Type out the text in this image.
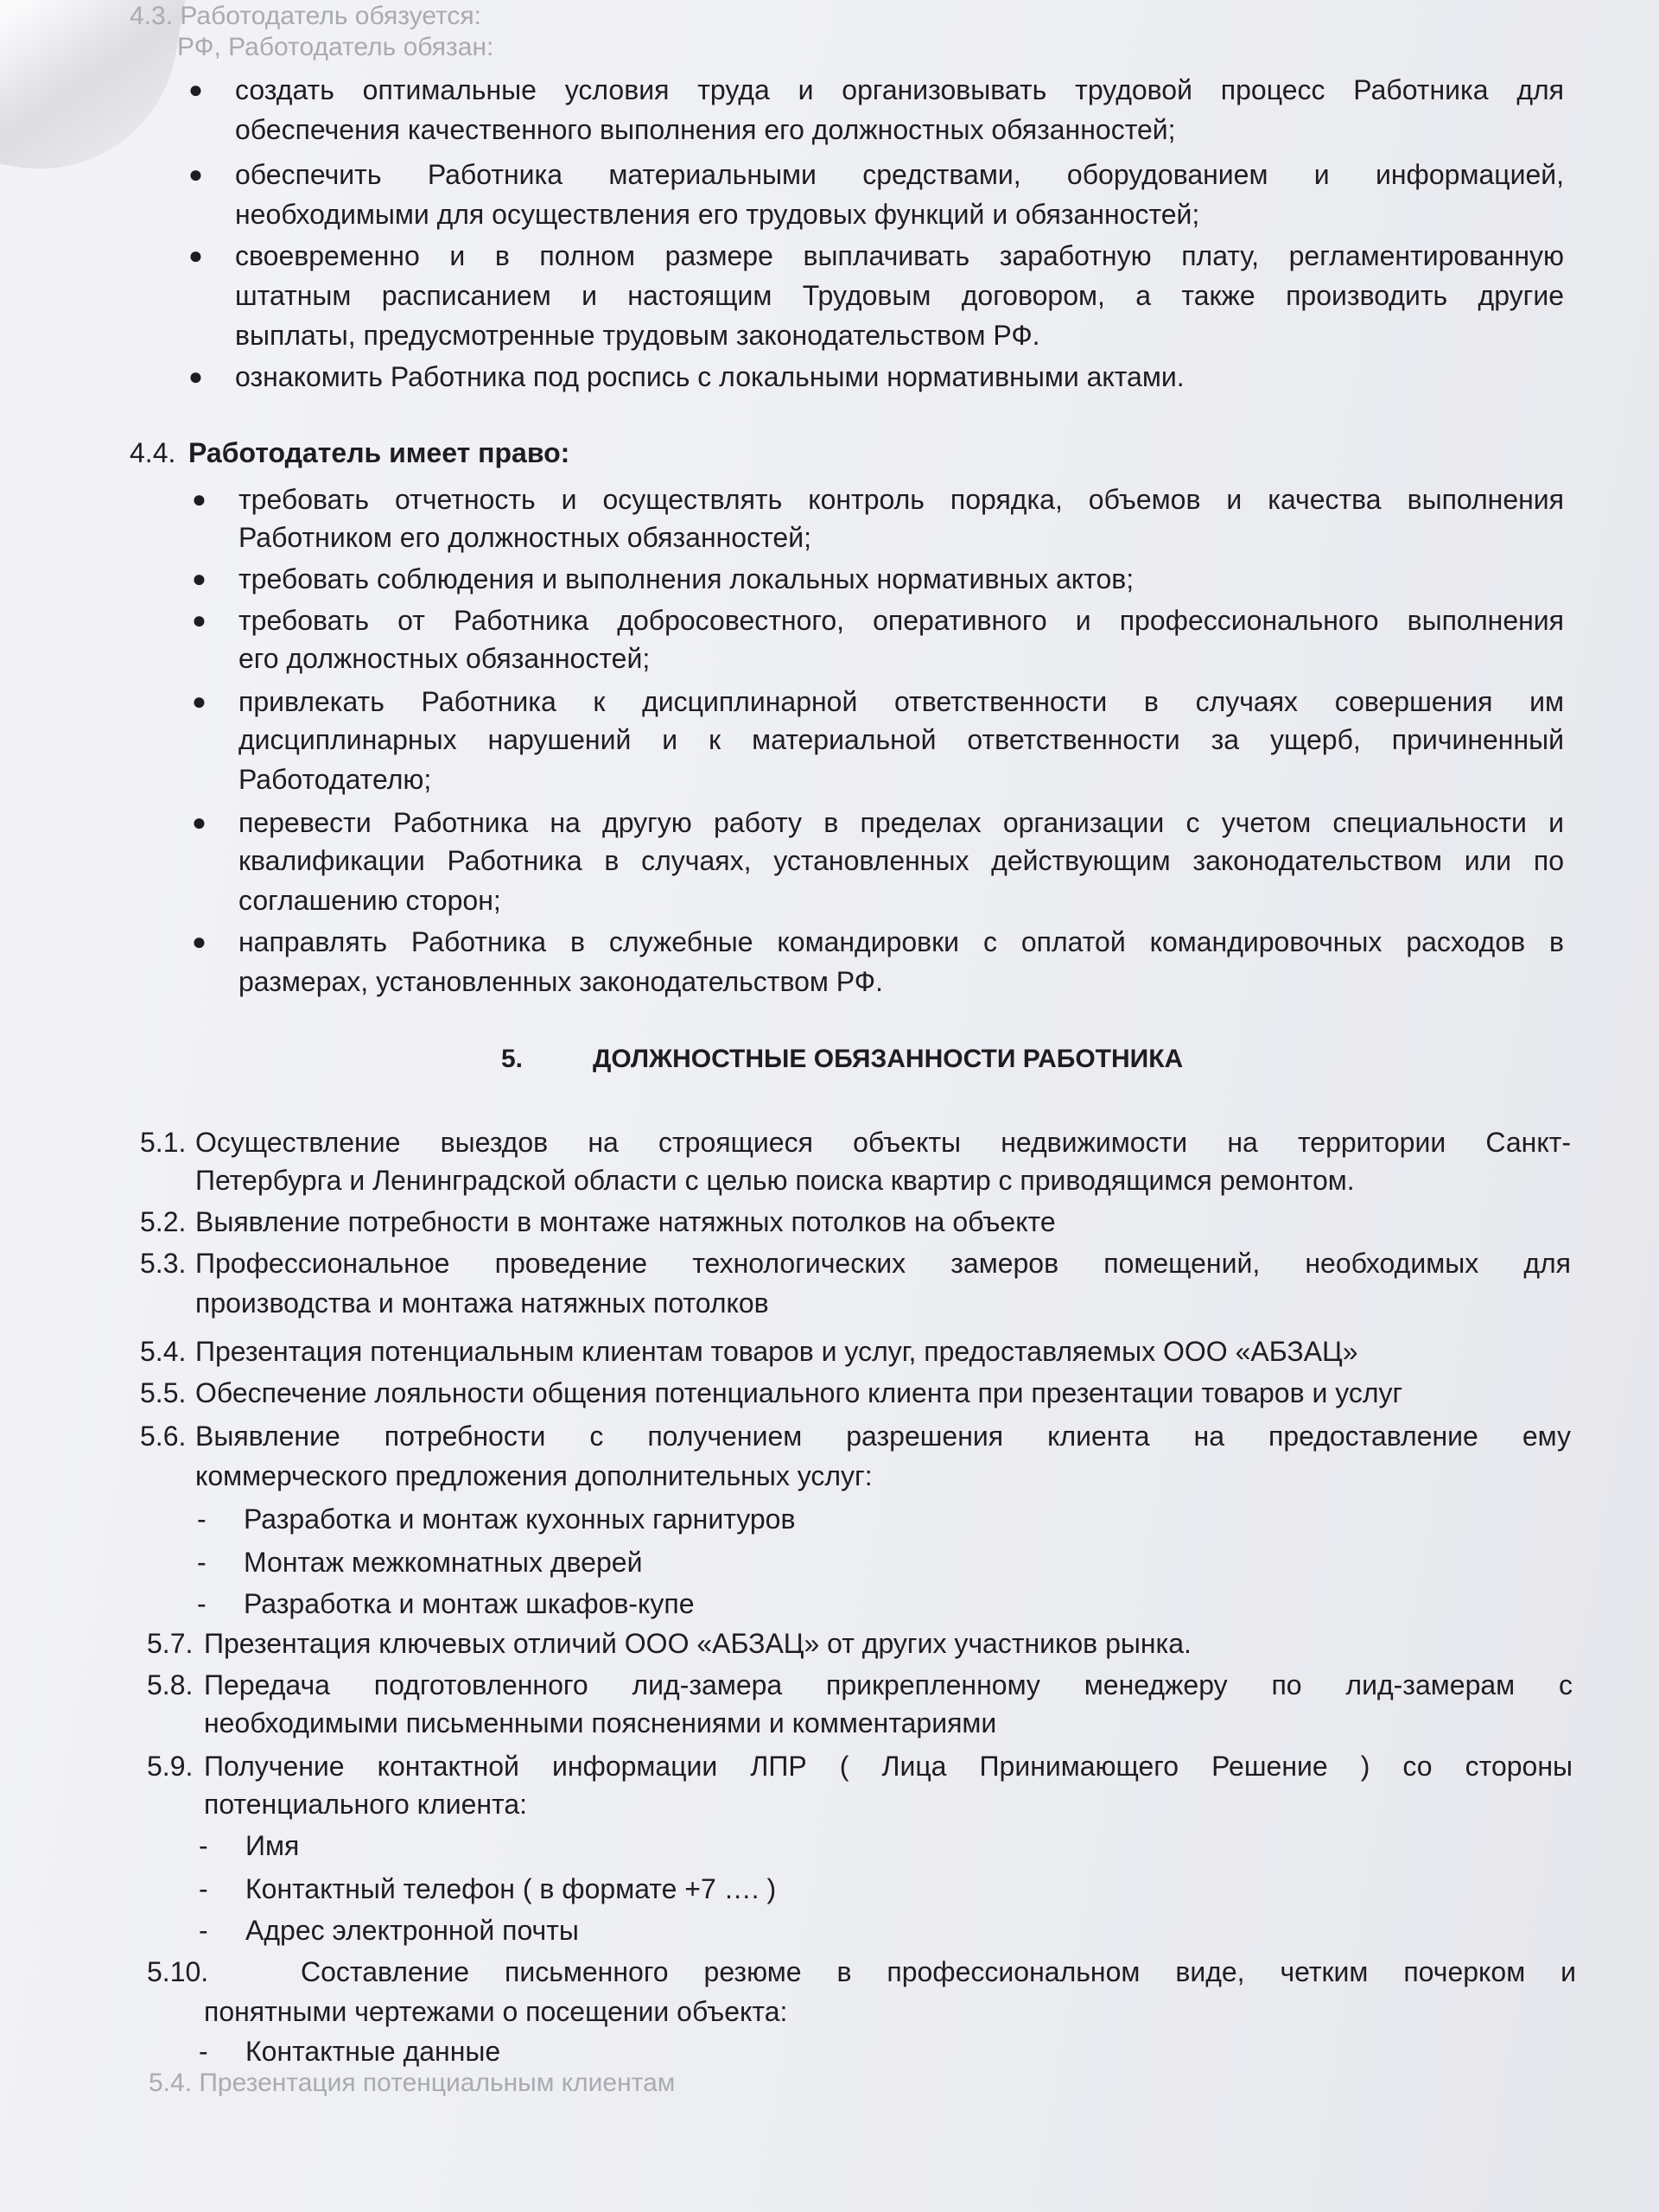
4.3. Работодатель обязуется:
РФ, Работодатель обязан:
● создать оптимальные условия труда и организовывать трудовой процесс Работника для
обеспечения качественного выполнения его должностных обязанностей;
● обеспечить Работника материальными средствами, оборудованием и информацией,
необходимыми для осуществления его трудовых функций и обязанностей;
● своевременно и в полном размере выплачивать заработную плату, регламентированную
штатным расписанием и настоящим Трудовым договором, а также производить другие
выплаты, предусмотренные трудовым законодательством РФ.
● ознакомить Работника под роспись с локальными нормативными актами.
4.4. Работодатель имеет право:
● требовать отчетность и осуществлять контроль порядка, объемов и качества выполнения
Работником его должностных обязанностей;
● требовать соблюдения и выполнения локальных нормативных актов;
● требовать от Работника добросовестного, оперативного и профессионального выполнения
его должностных обязанностей;
● привлекать Работника к дисциплинарной ответственности в случаях совершения им
дисциплинарных нарушений и к материальной ответственности за ущерб, причиненный
Работодателю;
● перевести Работника на другую работу в пределах организации с учетом специальности и
квалификации Работника в случаях, установленных действующим законодательством или по
соглашению сторон;
● направлять Работника в служебные командировки с оплатой командировочных расходов в
размерах, установленных законодательством РФ.
5.	ДОЛЖНОСТНЫЕ ОБЯЗАННОСТИ РАБОТНИКА
5.1. Осуществление выездов на строящиеся объекты недвижимости на территории Санкт-
Петербурга и Ленинградской области с целью поиска квартир с приводящимся ремонтом.
5.2. Выявление потребности в монтаже натяжных потолков на объекте
5.3. Профессиональное проведение технологических замеров помещений, необходимых для
производства и монтажа натяжных потолков
5.4. Презентация потенциальным клиентам товаров и услуг, предоставляемых ООО «АБЗАЦ»
5.5. Обеспечение лояльности общения потенциального клиента при презентации товаров и услуг
5.6. Выявление потребности с получением разрешения клиента на предоставление ему
коммерческого предложения дополнительных услуг:
- Разработка и монтаж кухонных гарнитуров
- Монтаж межкомнатных дверей
- Разработка и монтаж шкафов-купе
5.7. Презентация ключевых отличий ООО «АБЗАЦ» от других участников рынка.
5.8. Передача подготовленного лид-замера прикрепленному менеджеру по лид-замерам с
необходимыми письменными пояснениями и комментариями
5.9. Получение контактной информации ЛПР ( Лица Принимающего Решение ) со стороны
потенциального клиента:
- Имя
- Контактный телефон ( в формате +7 …. )
- Адрес электронной почты
5.10.	Составление письменного резюме в профессиональном виде, четким почерком и
понятными чертежами о посещении объекта:
- Контактные данные
5.4. Презентация потенциальным клиентам
